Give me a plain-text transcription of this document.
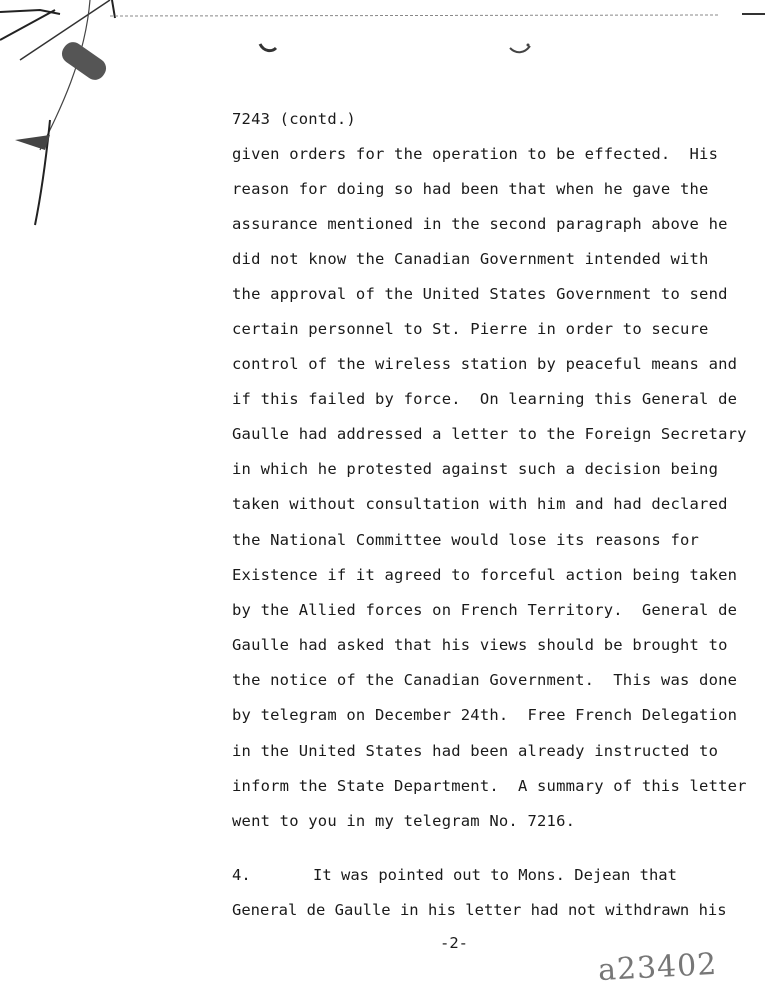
7243 (contd.)
given orders for the operation to be effected.  His
reason for doing so had been that when he gave the
assurance mentioned in the second paragraph above he
did not know the Canadian Government intended with
the approval of the United States Government to send
certain personnel to St. Pierre in order to secure
control of the wireless station by peaceful means and
if this failed by force.  On learning this General de
Gaulle had addressed a letter to the Foreign Secretary
in which he protested against such a decision being
taken without consultation with him and had declared
the National Committee would lose its reasons for
Existence if it agreed to forceful action being taken
by the Allied forces on French Territory.  General de
Gaulle had asked that his views should be brought to
the notice of the Canadian Government.  This was done
by telegram on December 24th.  Free French Delegation
in the United States had been already instructed to
inform the State Department.  A summary of this letter
went to you in my telegram No. 7216.
4.	It was pointed out to Mons. Dejean that
General de Gaulle in his letter had not withdrawn his
-2-
a23402
